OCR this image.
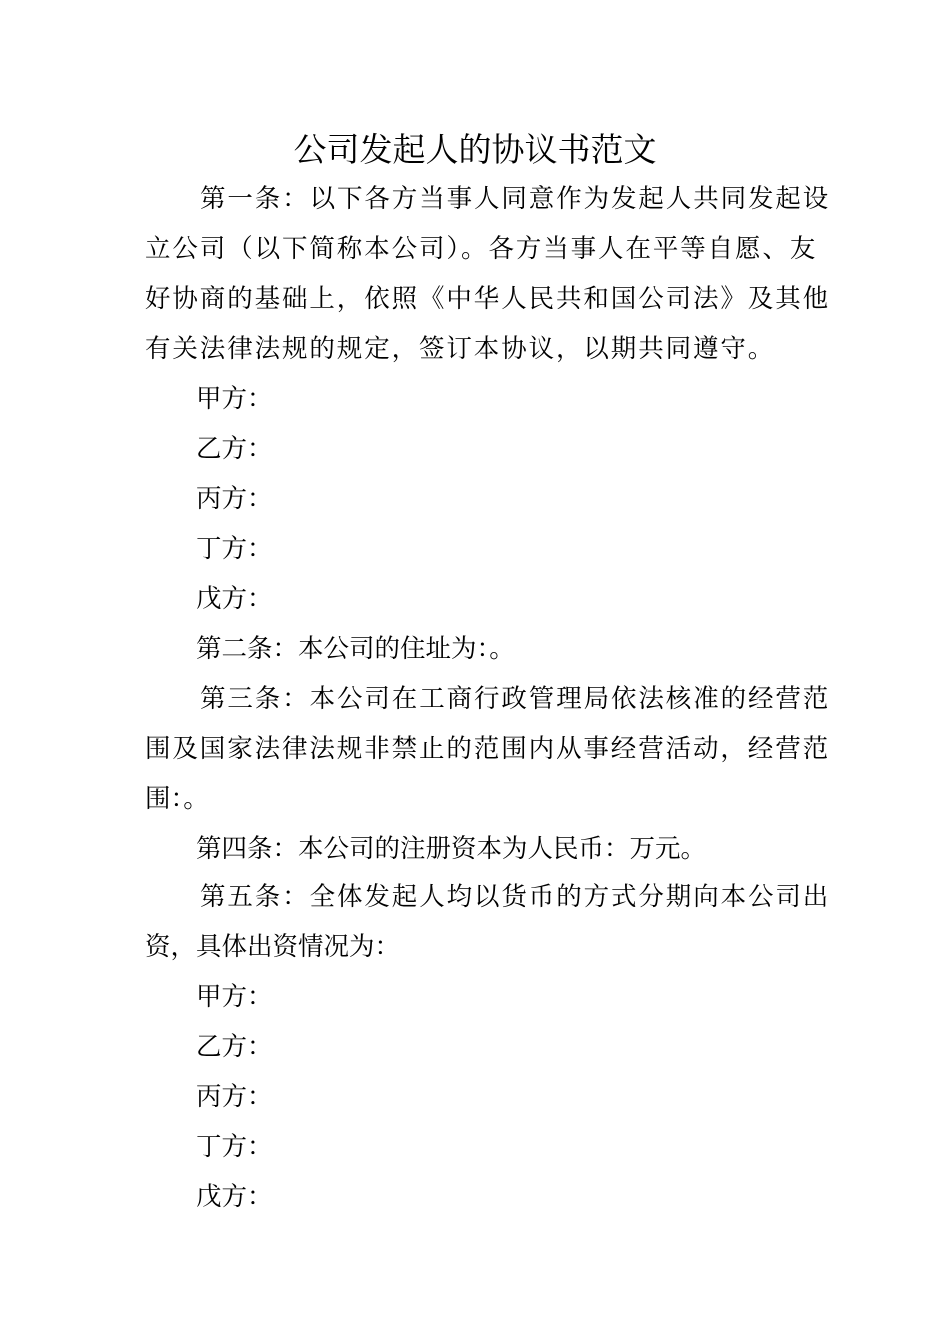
公司发起人的协议书范文

第一条：以下各方当事人同意作为发起人共同发起设

立公司（以下简称本公司）。各方当事人在平等自愿、友

好协商的基础上，依照《中华人民共和国公司法》及其他

有关法律法规的规定，签订本协议，以期共同遵守。

甲方：

乙方：

丙方：

丁方：

戊方：

第二条：本公司的住址为：。

第三条：本公司在工商行政管理局依法核准的经营范

围及国家法律法规非禁止的范围内从事经营活动，经营范

围：。

第四条：本公司的注册资本为人民币：万元。

第五条：全体发起人均以货币的方式分期向本公司出

资，具体出资情况为：

甲方：

乙方：

丙方：

丁方：

戊方：
